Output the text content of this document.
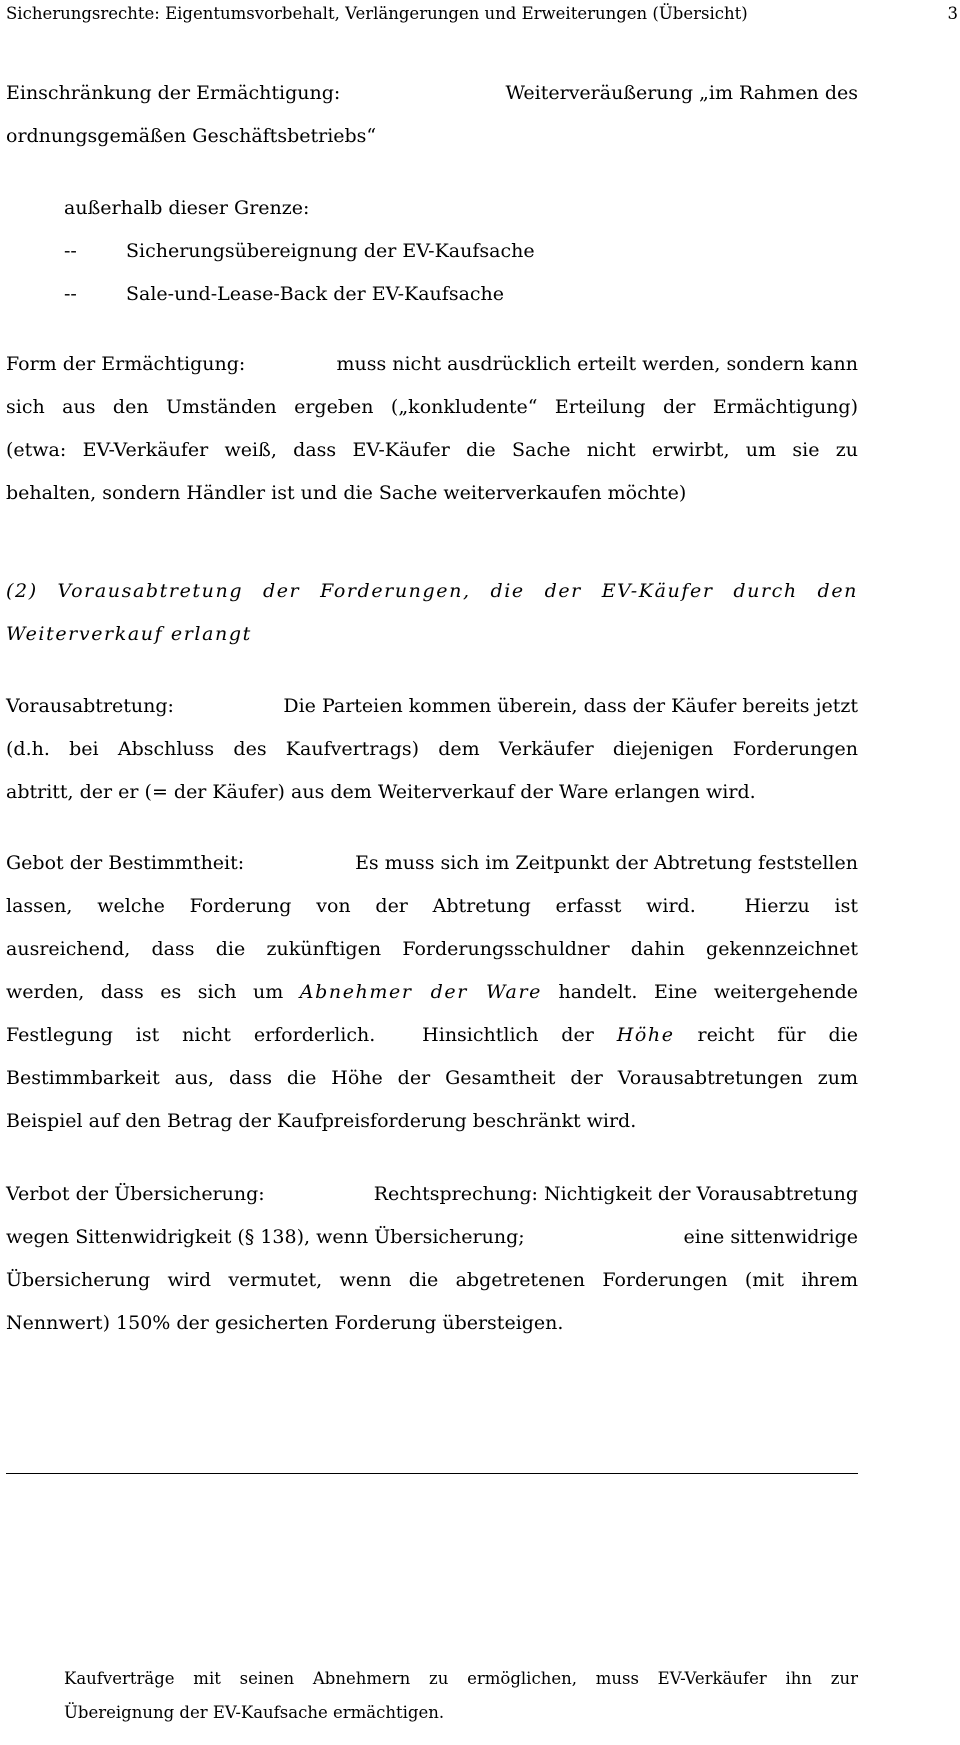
Sicherungsrechte: Eigentumsvorbehalt, Verlängerungen und Erweiterungen (Übersicht)	3
Einschränkung der Ermächtigung:	Weiterveräußerung „im Rahmen des
ordnungsgemäßen Geschäftsbetriebs“
außerhalb dieser Grenze:
--	Sicherungsübereignung der EV-Kaufsache
--	Sale-und-Lease-Back der EV-Kaufsache
Form der Ermächtigung:	muss nicht ausdrücklich erteilt werden, sondern kann
sich aus den Umständen ergeben („konkludente“ Erteilung der Ermächtigung)
(etwa: EV-Verkäufer weiß, dass EV-Käufer die Sache nicht erwirbt, um sie zu
behalten, sondern Händler ist und die Sache weiterverkaufen möchte)
(2) Vorausabtretung der Forderungen, die der EV-Käufer durch den
Weiterverkauf erlangt
Vorausabtretung:	Die Parteien kommen überein, dass der Käufer bereits jetzt
(d.h. bei Abschluss des Kaufvertrags) dem Verkäufer diejenigen Forderungen
abtritt, der er (= der Käufer) aus dem Weiterverkauf der Ware erlangen wird.
Gebot der Bestimmtheit:	Es muss sich im Zeitpunkt der Abtretung feststellen
lassen, welche Forderung von der Abtretung erfasst wird.	Hierzu ist
ausreichend, dass die zukünftigen Forderungsschuldner dahin gekennzeichnet
werden, dass es sich um Abnehmer der Ware handelt. Eine weitergehende
Festlegung ist nicht erforderlich. Hinsichtlich der Höhe reicht für die
Bestimmbarkeit aus, dass die Höhe der Gesamtheit der Vorausabtretungen zum
Beispiel auf den Betrag der Kaufpreisforderung beschränkt wird.
Verbot der Übersicherung:	Rechtsprechung: Nichtigkeit der Vorausabtretung
wegen Sittenwidrigkeit (§ 138), wenn Übersicherung;	eine sittenwidrige
Übersicherung wird vermutet, wenn die abgetretenen Forderungen (mit ihrem
Nennwert) 150% der gesicherten Forderung übersteigen.
Kaufverträge mit seinen Abnehmern zu ermöglichen, muss EV-Verkäufer ihn zur
Übereignung der EV-Kaufsache ermächtigen.
